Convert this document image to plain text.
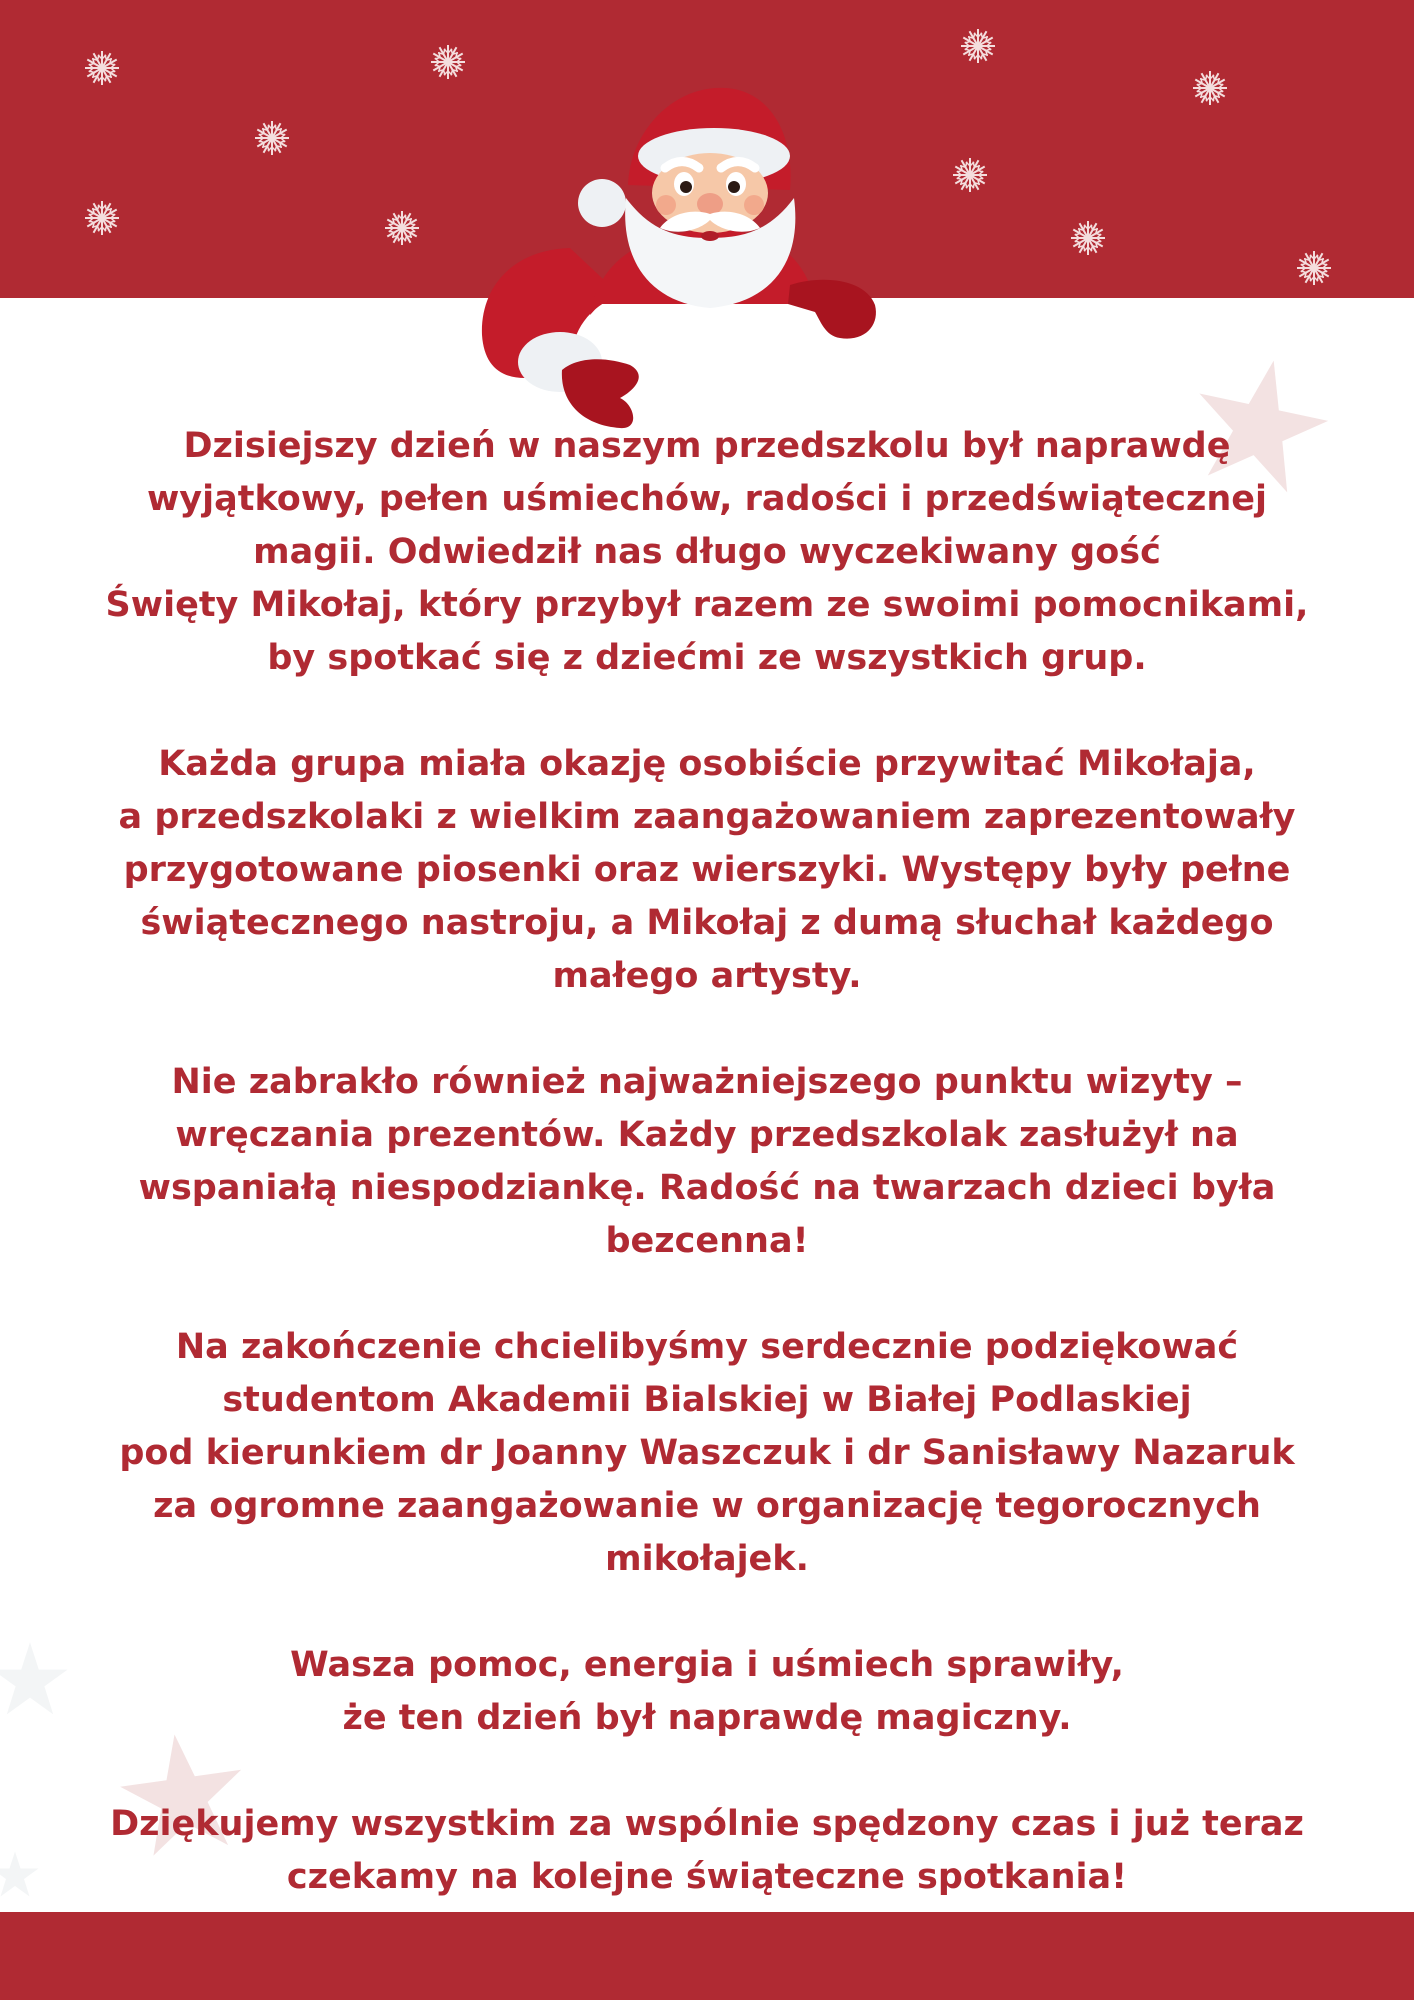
Dzisiejszy dzień w naszym przedszkolu był naprawdę
wyjątkowy, pełen uśmiechów, radości i przedświątecznej
magii. Odwiedził nas długo wyczekiwany gość
Święty Mikołaj, który przybył razem ze swoimi pomocnikami,
by spotkać się z dziećmi ze wszystkich grup.

Każda grupa miała okazję osobiście przywitać Mikołaja,
a przedszkolaki z wielkim zaangażowaniem zaprezentowały
przygotowane piosenki oraz wierszyki. Występy były pełne
świątecznego nastroju, a Mikołaj z dumą słuchał każdego
małego artysty.

Nie zabrakło również najważniejszego punktu wizyty –
wręczania prezentów. Każdy przedszkolak zasłużył na
wspaniałą niespodziankę. Radość na twarzach dzieci była
bezcenna!

Na zakończenie chcielibyśmy serdecznie podziękować
studentom Akademii Bialskiej w Białej Podlaskiej
pod kierunkiem dr Joanny Waszczuk i dr Sanisławy Nazaruk
za ogromne zaangażowanie w organizację tegorocznych
mikołajek.

Wasza pomoc, energia i uśmiech sprawiły,
że ten dzień był naprawdę magiczny.

Dziękujemy wszystkim za wspólnie spędzony czas i już teraz
czekamy na kolejne świąteczne spotkania!
